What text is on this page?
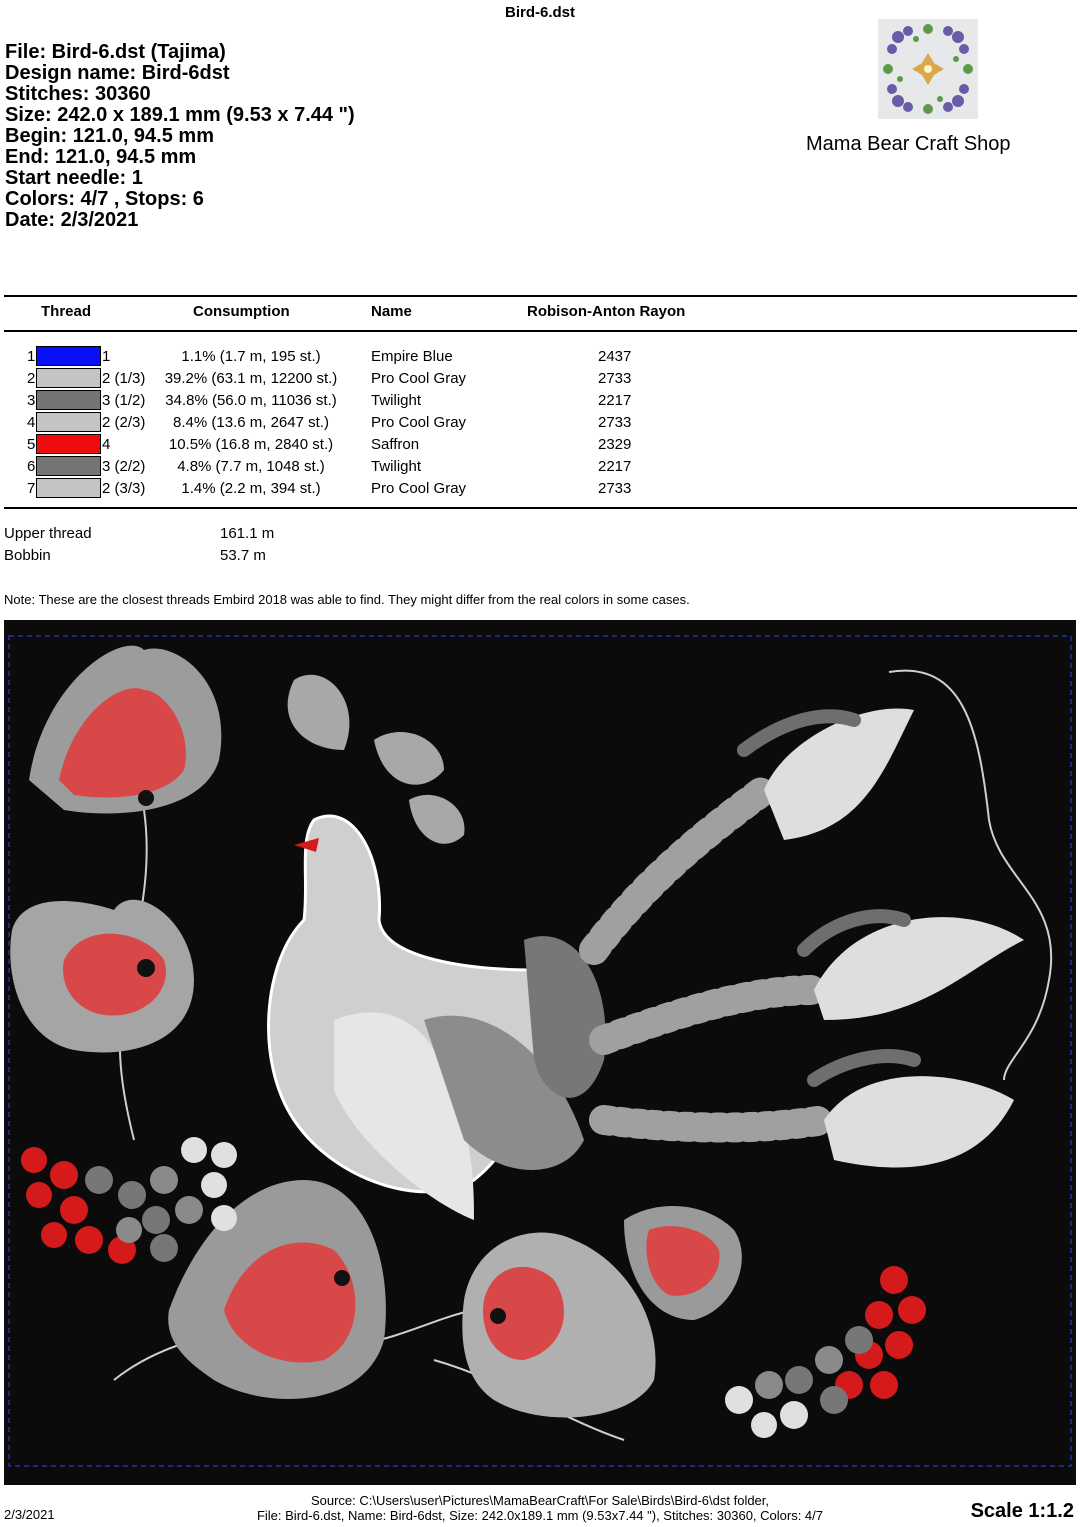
Bird-6.dst
File: Bird-6.dst (Tajima)
Design name: Bird-6dst
Stitches: 30360
Size: 242.0 x 189.1 mm (9.53 x 7.44 ")
Begin: 121.0, 94.5 mm
End: 121.0, 94.5 mm
Start needle: 1
Colors: 4/7 , Stops: 6
Date: 2/3/2021
Mama Bear Craft Shop
Thread	Consumption	Name	Robison-Anton Rayon
1	1	1.1% (1.7 m, 195 st.)	Empire Blue	2437
2	2 (1/3)	39.2% (63.1 m, 12200 st.)	Pro Cool Gray	2733
3	3 (1/2)	34.8% (56.0 m, 11036 st.)	Twilight	2217
4	2 (2/3)	8.4% (13.6 m, 2647 st.)	Pro Cool Gray	2733
5	4	10.5% (16.8 m, 2840 st.)	Saffron	2329
6	3 (2/2)	4.8% (7.7 m, 1048 st.)	Twilight	2217
7	2 (3/3)	1.4% (2.2 m, 394 st.)	Pro Cool Gray	2733
Upper thread	161.1 m
Bobbin	53.7 m
Note: These are the closest threads Embird 2018 was able to find. They might differ from the real colors in some cases.
2/3/2021
Source: C:\Users\user\Pictures\MamaBearCraft\For Sale\Birds\Bird-6\dst folder,
File: Bird-6.dst, Name: Bird-6dst, Size: 242.0x189.1 mm (9.53x7.44 "), Stitches: 30360, Colors: 4/7	Scale 1:1.2
